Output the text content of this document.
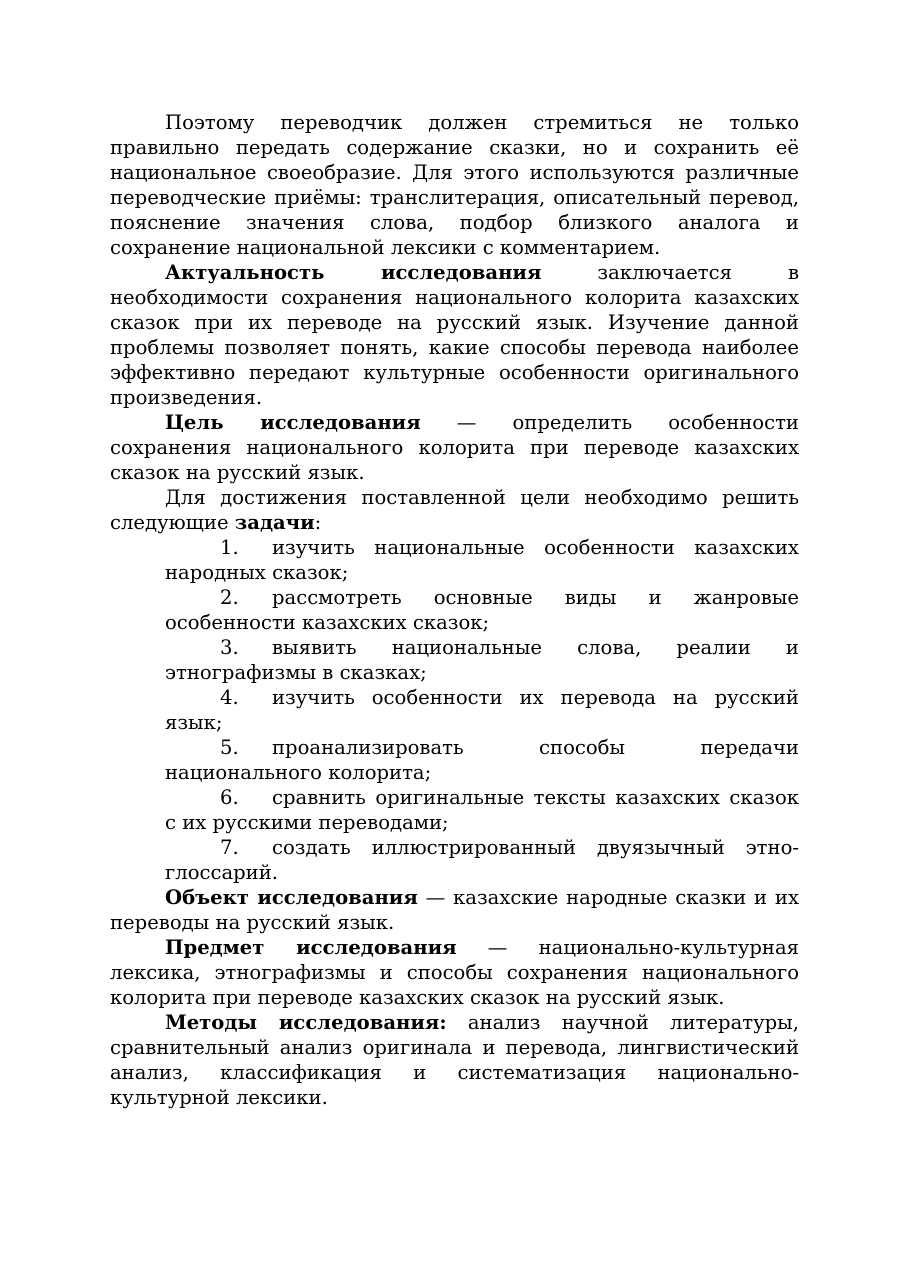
Поэтому переводчик должен стремиться не только правильно передать содержание сказки, но и сохранить её национальное своеобразие. Для этого используются различные переводческие приёмы: транслитерация, описательный перевод, пояснение значения слова, подбор близкого аналога и сохранение национальной лексики с комментарием.

Актуальность исследования заключается в необходимости сохранения национального колорита казахских сказок при их переводе на русский язык. Изучение данной проблемы позволяет понять, какие способы перевода наиболее эффективно передают культурные особенности оригинального произведения.

Цель исследования — определить особенности сохранения национального колорита при переводе казахских сказок на русский язык.

Для достижения поставленной цели необходимо решить следующие задачи:

1. изучить национальные особенности казахских народных сказок;
2. рассмотреть основные виды и жанровые особенности казахских сказок;
3. выявить национальные слова, реалии и этнографизмы в сказках;
4. изучить особенности их перевода на русский язык;
5. проанализировать способы передачи национального колорита;
6. сравнить оригинальные тексты казахских сказок с их русскими переводами;
7. создать иллюстрированный двуязычный этно-глоссарий.

Объект исследования — казахские народные сказки и их переводы на русский язык.

Предмет исследования — национально-культурная лексика, этнографизмы и способы сохранения национального колорита при переводе казахских сказок на русский язык.

Методы исследования: анализ научной литературы, сравнительный анализ оригинала и перевода, лингвистический анализ, классификация и систематизация национально-культурной лексики.
